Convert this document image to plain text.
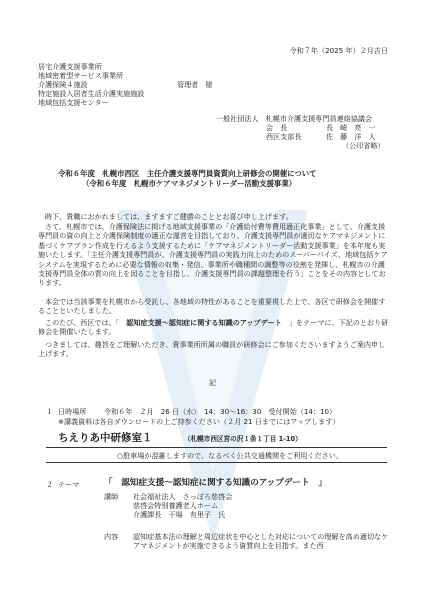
令和７年（2025 年）２月吉日
居宅介護支援事業所
地域密着型サービス事業所
介護保険４施設
特定施設入居者生活介護実施施設
地域包括支援センター
管理者　様
一般社団法人　札幌市介護支援専門員連絡協議会
会　長	長　崎　亮　一
西区支部長	佐　藤　洋　人
（公印省略）
令和６年度　札幌市西区　主任介護支援専門員資質向上研修会の開催について
（令和６年度　札幌市ケアマネジメントリーダー活動支援事業）
時下、貴職におかれましては、ますますご健勝のこととお喜び申し上げます。
さて、札幌市では、介護保険法に掲げる地域支援事業の「介護給付費等費用適正化事業」として、介護支援専門員の資の向上と介護保険制度の適正な運営を目指しており、介護支援専門員が適切なケアマネジメントに基づくケアプラン作成を行えるよう支援するために「ケアマネジメントリーダー活動支援事業」を本年度も実施いたします。「主任介護支援専門員が、介護支援専門員の実践力向上のためのスーパーバイズ、地域包括ケアシステムを実現するために必要な情報の収集・発信、事業所や職種間の調整等の役割を発揮し、札幌市の介護支援専門員全体の質の向上を図ることを目指し、介護支援専門員の課題整理を行う」ことをその内容としております。
本会では当該事業を札幌市から受託し、各地域の特性があることを重要視した上で、各区で研修会を開催することといたしました。
このたび、西区では、「　認知症支援〜認知症に関する知識のアップデート　」をテーマに、下記のとおり研修会を開催いたします。
つきましては、趣旨をご理解いただき、貴事業所所属の職員が研修会にご参加くださいますようご案内申し上げます。
記
１ 日時場所 令和６年　２月　26 日（水）　14：30〜16：30　受付開始（14：10）
※講義資料は各自ダウンロードの上ご持参ください（２月 21 日までにはアップします）
ちえりあ中研修室１	（札幌市西区宮の沢１条１丁目 1-10）
○駐車場が混雑しますので、なるべく公共交通機関をご利用ください。
２ テーマ	「　認知症支援〜認知症に関する知識のアップデート　」
講師 社会福祉法人　さっぽろ慈啓会
慈啓会特別養護老人ホーム
介護課長　干場　有里子　氏
内容 認知症基本法の理解と周辺症状を中心とした対応についての理解を高め適切なケアマネジメントが実施できるよう資質向上を目指す。また西
